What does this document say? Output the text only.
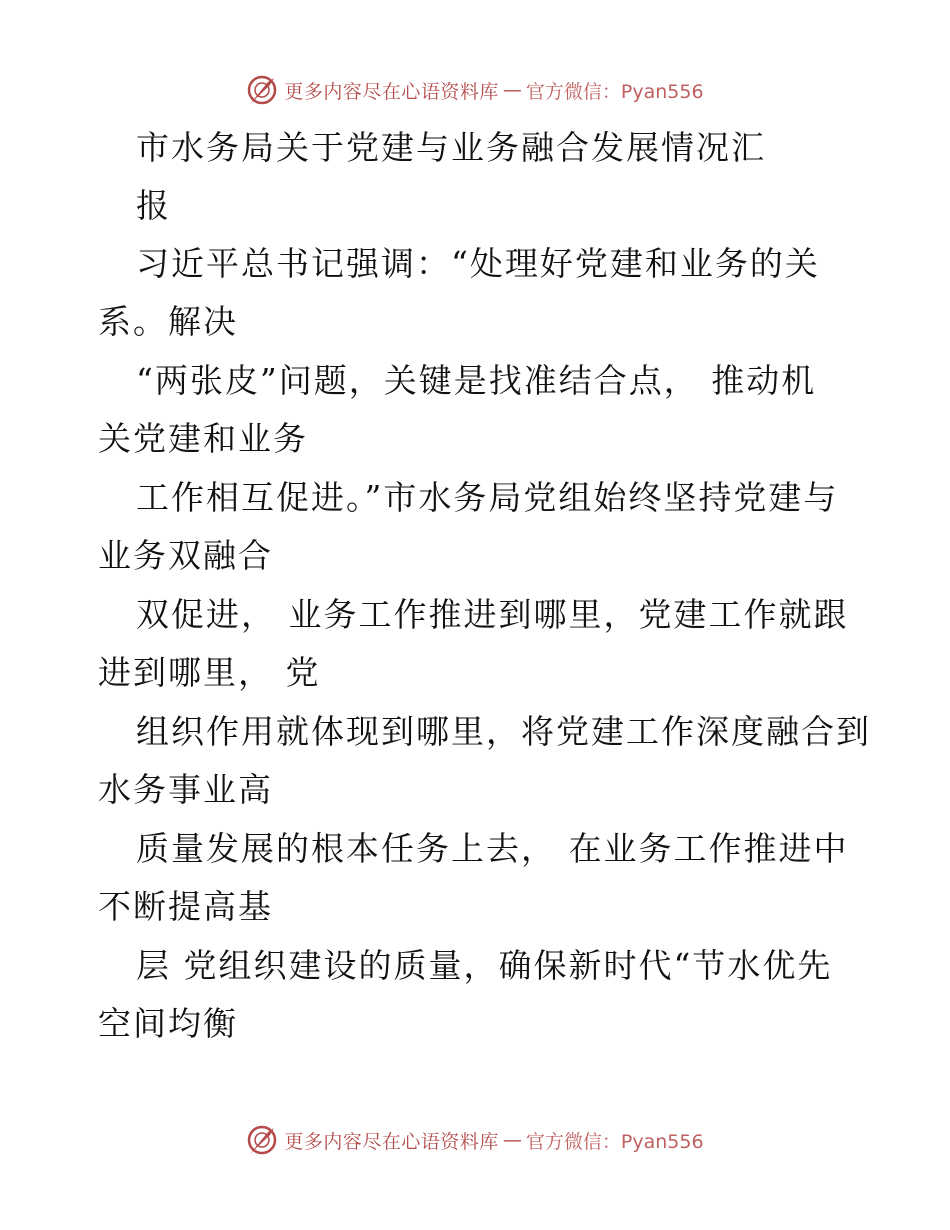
更多内容尽在心语资料库 — 官方微信：Pyan556
市水务局关于党建与业务融合发展情况汇
报
习近平总书记强调：“处理好党建和业务的关
系。解决
“两张皮”问题，关键是找准结合点， 推动机
关党建和业务
工作相互促进。”市水务局党组始终坚持党建与
业务双融合
双促进， 业务工作推进到哪里，党建工作就跟
进到哪里， 党
组织作用就体现到哪里，将党建工作深度融合到
水务事业高
质量发展的根本任务上去， 在业务工作推进中
不断提高基
层 党组织建设的质量，确保新时代“节水优先
空间均衡
更多内容尽在心语资料库 — 官方微信：Pyan556
